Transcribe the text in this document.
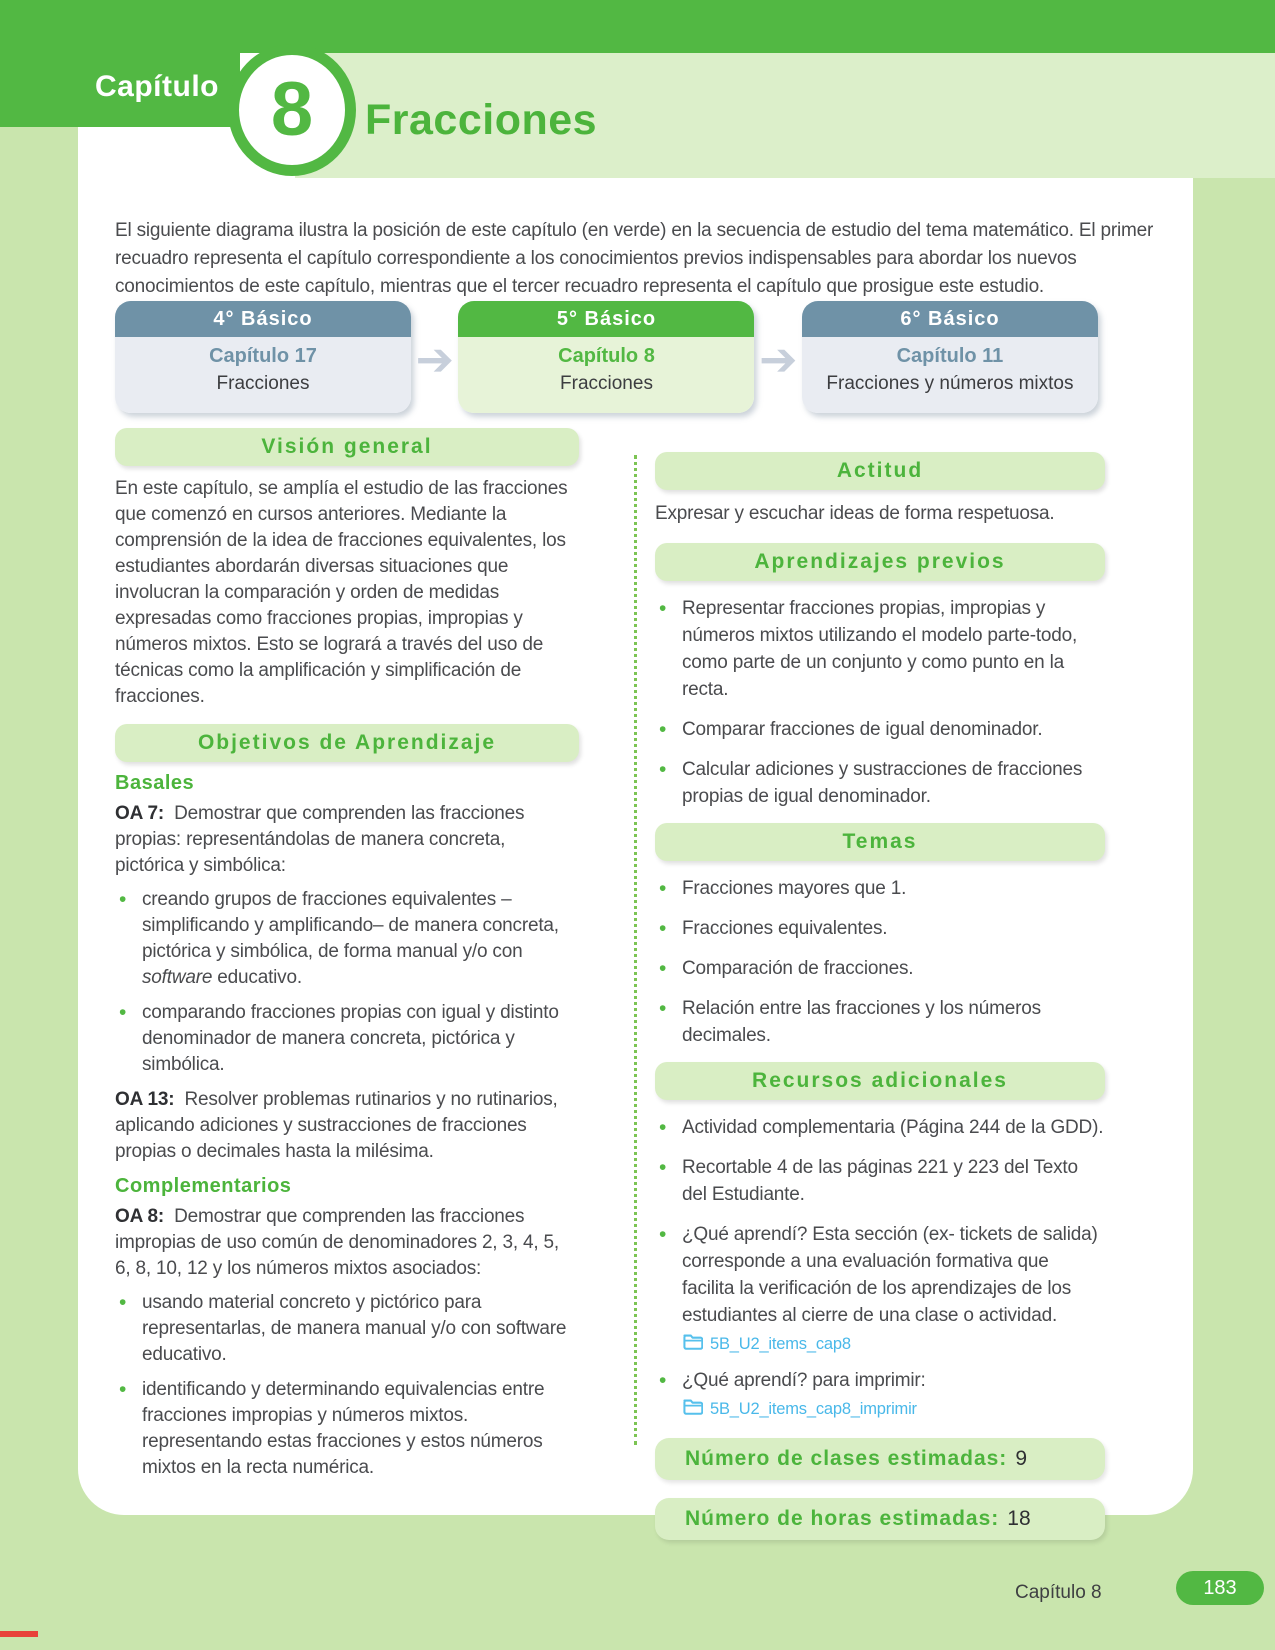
Fracciones
Capítulo 8

El siguiente diagrama ilustra la posición de este capítulo (en verde) en la secuencia de estudio del tema matemático. El primer recuadro representa el capítulo correspondiente a los conocimientos previos indispensables para abordar los nuevos conocimientos de este capítulo, mientras que el tercer recuadro representa el capítulo que prosigue este estudio.

4° Básico
Capítulo 17
Fracciones	➔
5° Básico
Capítulo 8
Fracciones	➔
6° Básico
Capítulo 11
Fracciones y números mixtos
Visión general

En este capítulo, se amplía el estudio de las fracciones que comenzó en cursos anteriores. Mediante la comprensión de la idea de fracciones equivalentes, los estudiantes abordarán diversas situaciones que involucran la comparación y orden de medidas expresadas como fracciones propias, impropias y números mixtos. Esto se logrará a través del uso de técnicas como la amplificación y simplificación de fracciones.

Objetivos de Aprendizaje
Basales

OA 7: Demostrar que comprenden las fracciones propias: representándolas de manera concreta, pictórica y simbólica:

• creando grupos de fracciones equivalentes –simplificando y amplificando– de manera concreta, pictórica y simbólica, de forma manual y/o con software educativo.
• comparando fracciones propias con igual y distinto denominador de manera concreta, pictórica y simbólica.

OA 13: Resolver problemas rutinarios y no rutinarios, aplicando adiciones y sustracciones de fracciones propias o decimales hasta la milésima.

Complementarios

OA 8: Demostrar que comprenden las fracciones impropias de uso común de denominadores 2, 3, 4, 5, 6, 8, 10, 12 y los números mixtos asociados:

• usando material concreto y pictórico para representarlas, de manera manual y/o con software educativo.
• identificando y determinando equivalencias entre fracciones impropias y números mixtos. representando estas fracciones y estos números mixtos en la recta numérica.
Actitud

Expresar y escuchar ideas de forma respetuosa.

Aprendizajes previos
• Representar fracciones propias, impropias y números mixtos utilizando el modelo parte-todo, como parte de un conjunto y como punto en la recta.
• Comparar fracciones de igual denominador.
• Calcular adiciones y sustracciones de fracciones propias de igual denominador.
Temas
• Fracciones mayores que 1.
• Fracciones equivalentes.
• Comparación de fracciones.
• Relación entre las fracciones y los números decimales.
Recursos adicionales
• Actividad complementaria (Página 244 de la GDD).
• Recortable 4 de las páginas 221 y 223 del Texto del Estudiante.
• ¿Qué aprendí? Esta sección (ex- tickets de salida) corresponde a una evaluación formativa que facilita la verificación de los aprendizajes de los estudiantes al cierre de una clase o actividad.
5B_U2_items_cap8
• ¿Qué aprendí? para imprimir:
5B_U2_items_cap8_imprimir
Número de clases estimadas: 9
Número de horas estimadas: 18
Capítulo 8	183
